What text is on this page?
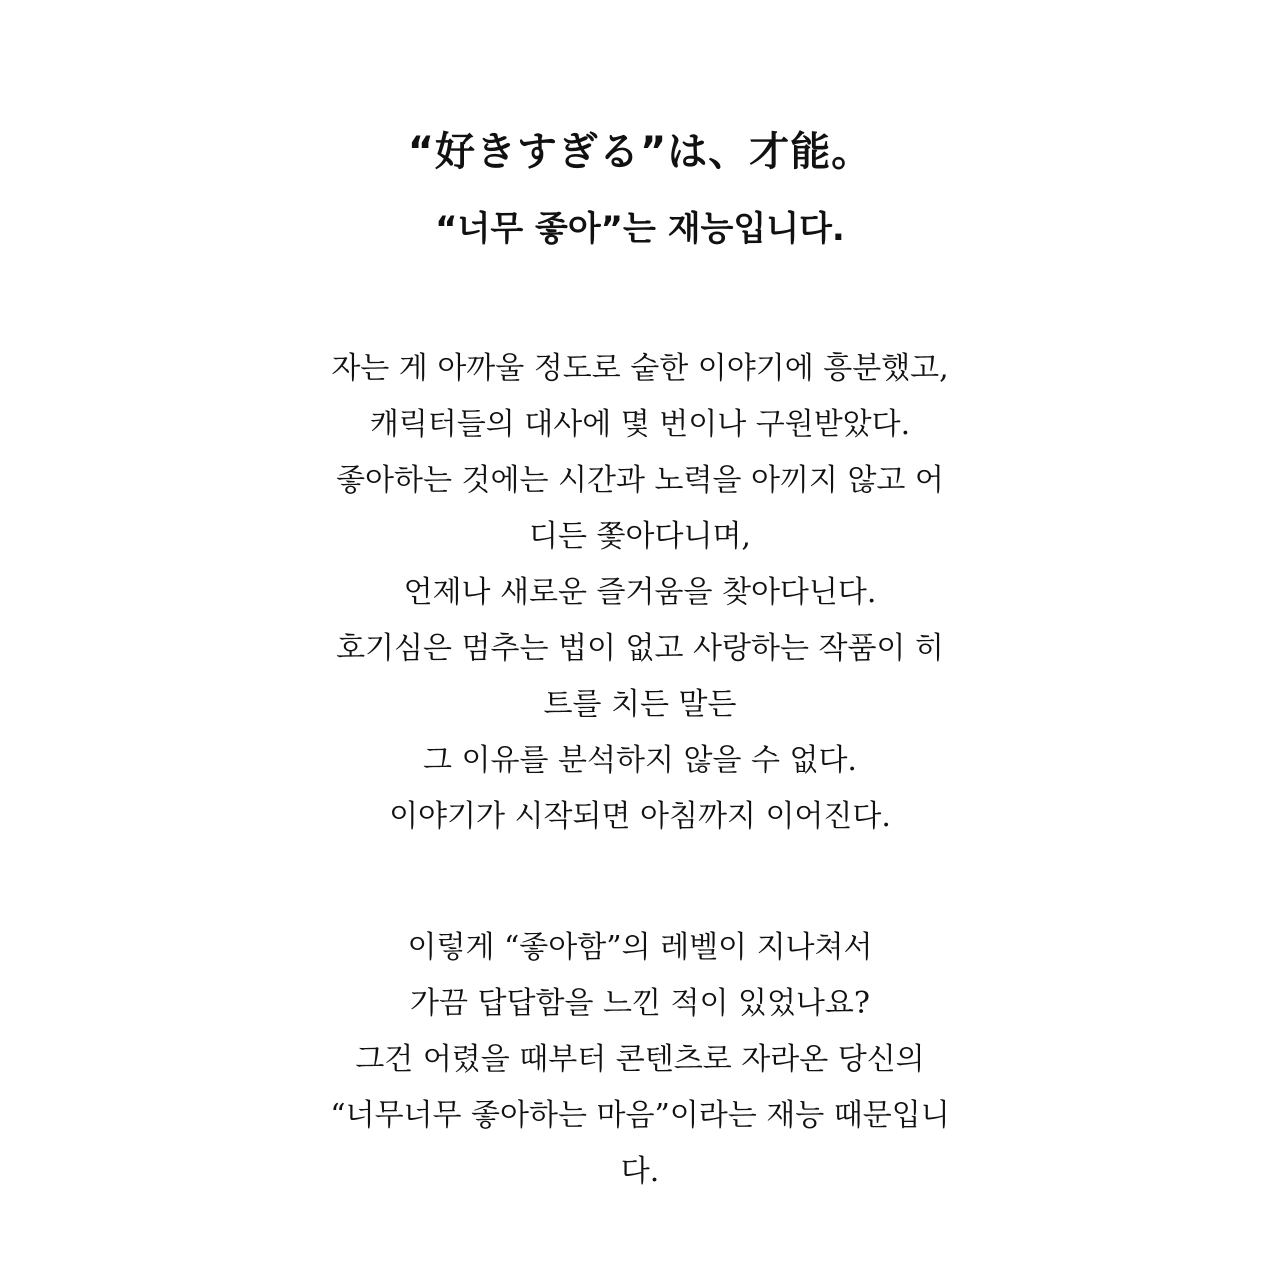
“好きすぎる”は、才能。
“너무 좋아”는 재능입니다.
자는 게 아까울 정도로 숱한 이야기에 흥분했고,
캐릭터들의 대사에 몇 번이나 구원받았다.
좋아하는 것에는 시간과 노력을 아끼지 않고 어
디든 쫓아다니며,
언제나 새로운 즐거움을 찾아다닌다.
호기심은 멈추는 법이 없고 사랑하는 작품이 히
트를 치든 말든
그 이유를 분석하지 않을 수 없다.
이야기가 시작되면 아침까지 이어진다.
이렇게 “좋아함”의 레벨이 지나쳐서
가끔 답답함을 느낀 적이 있었나요?
그건 어렸을 때부터 콘텐츠로 자라온 당신의
“너무너무 좋아하는 마음”이라는 재능 때문입니
다.
